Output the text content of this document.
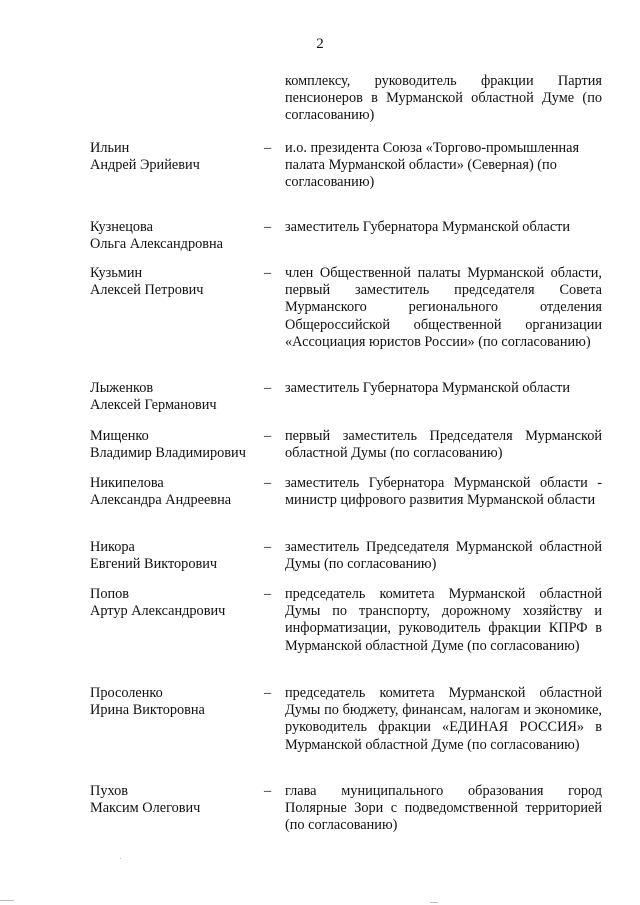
2
комплексу, руководитель фракции Партия пенсионеров в Мурманской областной Думе (по согласованию)
Ильин
Андрей Эрийевич
– и.о. президента Союза «Торгово-промышленная палата Мурманской области» (Северная) (по согласованию)
Кузнецова
Ольга Александровна
– заместитель Губернатора Мурманской области
Кузьмин
Алексей Петрович
– член Общественной палаты Мурманской области, первый заместитель председателя Совета Мурманского регионального отделения Общероссийской общественной организации «Ассоциация юристов России» (по согласованию)
Лыженков
Алексей Германович
– заместитель Губернатора Мурманской области
Мищенко
Владимир Владимирович
– первый заместитель Председателя Мурманской областной Думы (по согласованию)
Никипелова
Александра Андреевна
– заместитель Губернатора Мурманской области - министр цифрового развития Мурманской области
Никора
Евгений Викторович
– заместитель Председателя Мурманской областной Думы (по согласованию)
Попов
Артур Александрович
– председатель комитета Мурманской областной Думы по транспорту, дорожному хозяйству и информатизации, руководитель фракции КПРФ в Мурманской областной Думе (по согласованию)
Просоленко
Ирина Викторовна
– председатель комитета Мурманской областной Думы по бюджету, финансам, налогам и экономике, руководитель фракции «ЕДИНАЯ РОССИЯ» в Мурманской областной Думе (по согласованию)
Пухов
Максим Олегович
– глава муниципального образования город Полярные Зори с подведомственной территорией (по согласованию)
